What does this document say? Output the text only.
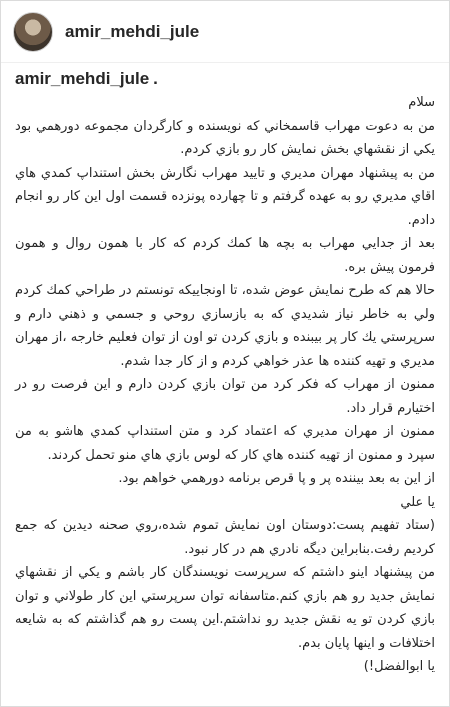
amir_mehdi_jule
amir_mehdi_jule .

سلام

من به دعوت مهراب قاسمخاني كه نويسنده و كارگردان مجموعه دورهمي بود يكي از نقشهاي بخش نمايش كار رو بازي كردم.

من به پيشنهاد مهران مديري و تاييد مهراب نگارش بخش استنداپ كمدي هاي اقاي مديري رو به عهده گرفتم و تا چهارده پونزده قسمت اول اين كار رو انجام دادم.

بعد از جدايي مهراب به بچه ها كمك كردم كه كار با همون روال و همون فرمون پيش بره.

حالا هم كه طرح نمايش عوض شده، تا اونجاييكه تونستم در طراحي كمك كردم ولي به خاطر نياز شديدي كه به بازسازي روحي و جسمي و ذهني دارم و سرپرستي يك كار پر بيبنده و بازي كردن تو اون از توان فعليم خارجه ،از مهران مديري و تهيه كننده ها عذر خواهي كردم و از كار جدا شدم.

ممنون از مهراب كه فكر كرد من توان بازي كردن دارم و اين فرصت رو در اختيارم قرار داد.

ممنون از مهران مديري كه اعتماد كرد و متن استنداپ كمدي هاشو به من سپرد و ممنون از تهيه كننده هاي كار كه لوس بازي هاي منو تحمل كردند.

از اين به بعد بيننده پر و پا قرص برنامه دورهمي خواهم بود.

يا علي

(ستاد تفهيم پست:دوستان اون نمايش تموم شده،روي صحنه ديدين كه جمع كرديم رفت.بنابراين ديگه نادري هم در كار نبود.

من پيشنهاد اينو داشتم كه سرپرست نويسندگان كار باشم و يكي از نقشهاي نمايش جديد رو هم بازي كنم.متاسفانه توان سرپرستي اين كار طولاني و توان بازي كردن تو يه نقش جديد رو نداشتم.اين پست رو هم گذاشتم كه به شايعه اختلافات و اينها پايان بدم.

يا ابوالفضل!)
